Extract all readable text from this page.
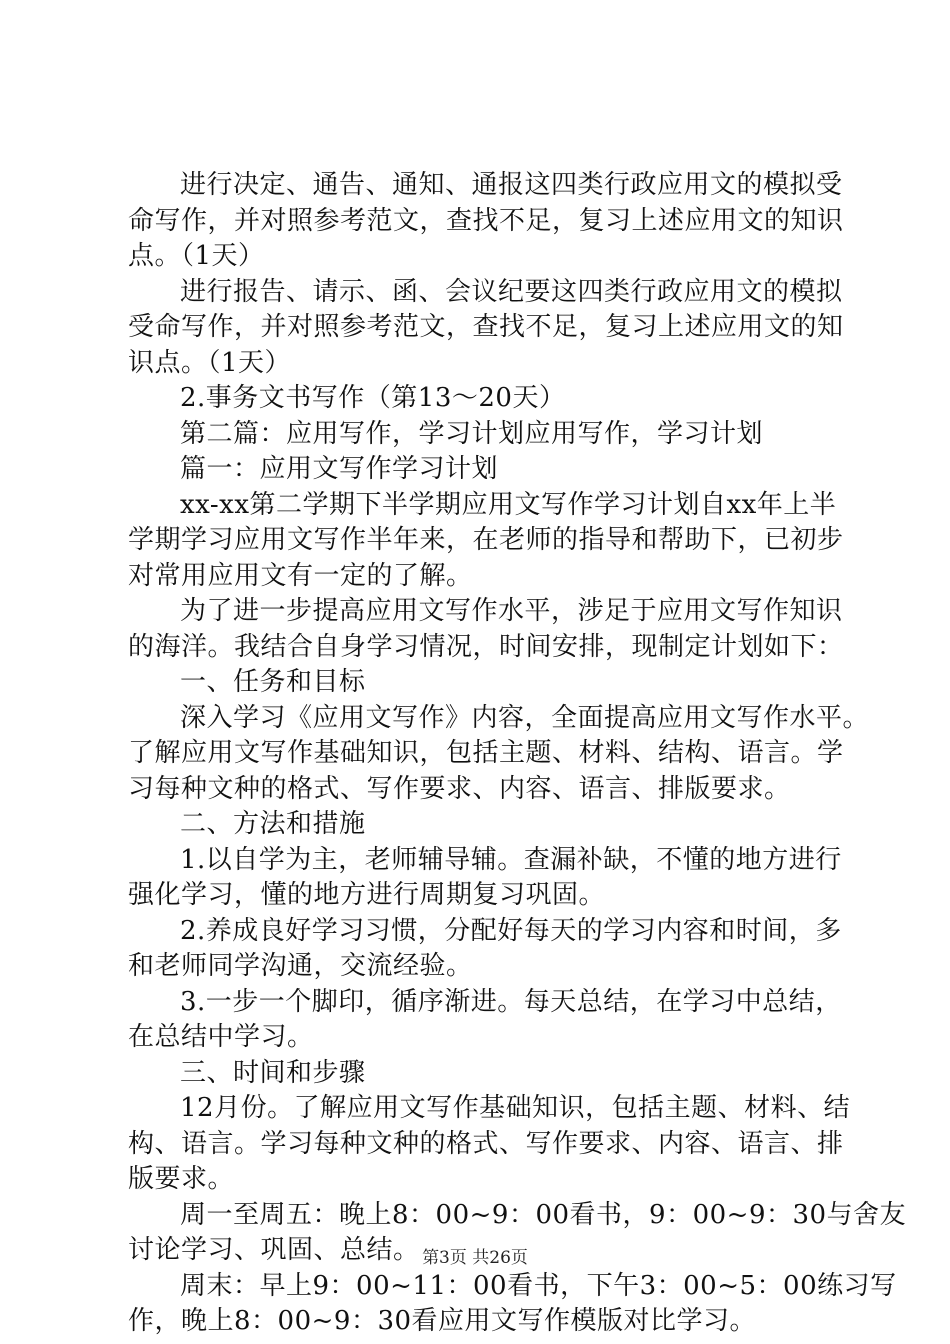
进行决定、通告、通知、通报这四类行政应用文的模拟受
命写作，并对照参考范文，查找不足，复习上述应用文的知识
点。（1天）
进行报告、请示、函、会议纪要这四类行政应用文的模拟
受命写作，并对照参考范文，查找不足，复习上述应用文的知
识点。（1天）
2.事务文书写作（第13～20天）
第二篇：应用写作，学习计划应用写作，学习计划
篇一：应用文写作学习计划
xx-xx第二学期下半学期应用文写作学习计划自xx年上半
学期学习应用文写作半年来，在老师的指导和帮助下，已初步
对常用应用文有一定的了解。
为了进一步提高应用文写作水平，涉足于应用文写作知识
的海洋。我结合自身学习情况，时间安排，现制定计划如下：
一、任务和目标
深入学习《应用文写作》内容，全面提高应用文写作水平。
了解应用文写作基础知识，包括主题、材料、结构、语言。学
习每种文种的格式、写作要求、内容、语言、排版要求。
二、方法和措施
1.以自学为主，老师辅导辅。查漏补缺，不懂的地方进行
强化学习，懂的地方进行周期复习巩固。
2.养成良好学习习惯，分配好每天的学习内容和时间，多
和老师同学沟通，交流经验。
3.一步一个脚印，循序渐进。每天总结，在学习中总结，
在总结中学习。
三、时间和步骤
12月份。了解应用文写作基础知识，包括主题、材料、结
构、语言。学习每种文种的格式、写作要求、内容、语言、排
版要求。
周一至周五：晚上8：00~9：00看书，9：00~9：30与舍友
讨论学习、巩固、总结。
周末：早上9：00~11：00看书，下午3：00~5：00练习写
作，晚上8：00~9：30看应用文写作模版对比学习。
第3页 共26页
